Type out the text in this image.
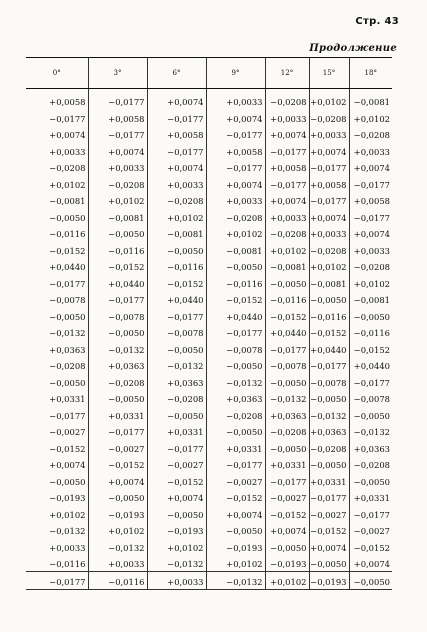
Стр. 43
Продолжение
0°	3°	6°	9°	12°	15°	18°
+0,0058	−0,0177	+0,0074	+0,0033	−0,0208	+0,0102	−0,0081
−0,0177	+0,0058	−0,0177	+0,0074	+0,0033	−0,0208	+0,0102
+0,0074	−0,0177	+0,0058	−0,0177	+0,0074	+0,0033	−0,0208
+0,0033	+0,0074	−0,0177	+0,0058	−0,0177	+0,0074	+0,0033
−0,0208	+0,0033	+0,0074	−0,0177	+0,0058	−0,0177	+0,0074
+0,0102	−0,0208	+0,0033	+0,0074	−0,0177	+0,0058	−0,0177
−0,0081	+0,0102	−0,0208	+0,0033	+0,0074	−0,0177	+0,0058
−0,0050	−0,0081	+0,0102	−0,0208	+0,0033	+0,0074	−0,0177
−0,0116	−0,0050	−0,0081	+0,0102	−0,0208	+0,0033	+0,0074
−0,0152	−0,0116	−0,0050	−0,0081	+0,0102	−0,0208	+0,0033
+0,0440	−0,0152	−0,0116	−0,0050	−0,0081	+0,0102	−0,0208
−0,0177	+0,0440	−0,0152	−0,0116	−0,0050	−0,0081	+0,0102
−0,0078	−0,0177	+0,0440	−0,0152	−0,0116	−0,0050	−0,0081
−0,0050	−0,0078	−0,0177	+0,0440	−0,0152	−0,0116	−0,0050
−0,0132	−0,0050	−0,0078	−0,0177	+0,0440	−0,0152	−0,0116
+0,0363	−0,0132	−0,0050	−0,0078	−0,0177	+0,0440	−0,0152
−0,0208	+0,0363	−0,0132	−0,0050	−0,0078	−0,0177	+0,0440
−0,0050	−0,0208	+0,0363	−0,0132	−0,0050	−0,0078	−0,0177
+0,0331	−0,0050	−0,0208	+0,0363	−0,0132	−0,0050	−0,0078
−0,0177	+0,0331	−0,0050	−0,0208	+0,0363	−0,0132	−0,0050
−0,0027	−0,0177	+0,0331	−0,0050	−0,0208	+0,0363	−0,0132
−0,0152	−0,0027	−0,0177	+0,0331	−0,0050	−0,0208	+0,0363
+0,0074	−0,0152	−0,0027	−0,0177	+0,0331	−0,0050	−0,0208
−0,0050	+0,0074	−0,0152	−0,0027	−0,0177	+0,0331	−0,0050
−0,0193	−0,0050	+0,0074	−0,0152	−0,0027	−0,0177	+0,0331
+0,0102	−0,0193	−0,0050	+0,0074	−0,0152	−0,0027	−0,0177
−0,0132	+0,0102	−0,0193	−0,0050	+0,0074	−0,0152	−0,0027
+0,0033	−0,0132	+0,0102	−0,0193	−0,0050	+0,0074	−0,0152
−0,0116	+0,0033	−0,0132	+0,0102	−0,0193	−0,0050	+0,0074
−0,0177	−0,0116	+0,0033	−0,0132	+0,0102	−0,0193	−0,0050
